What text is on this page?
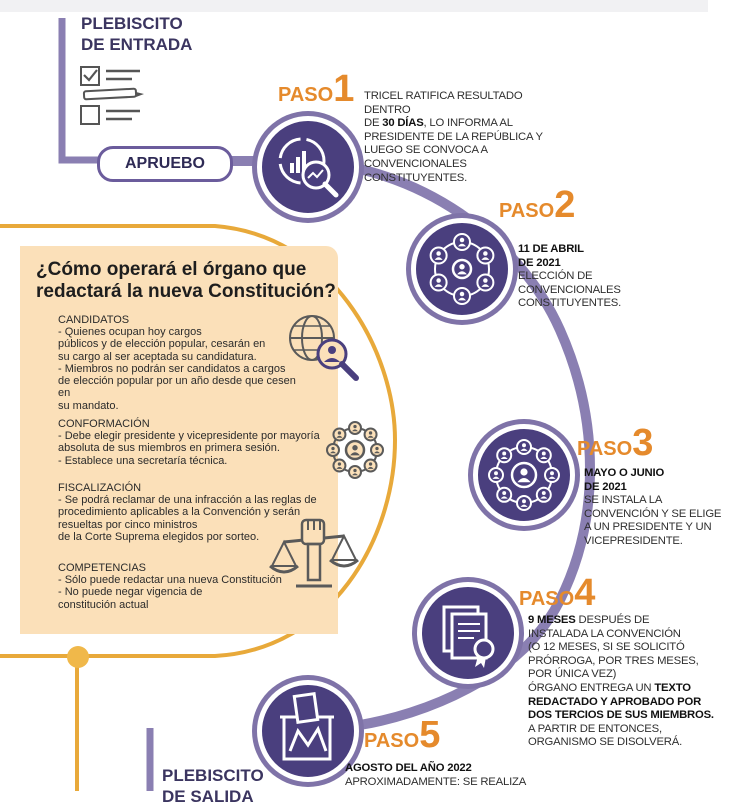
PLEBISCITO
DE ENTRADA
APRUEBO
PASO1 TRICEL RATIFICA RESULTADO DENTRO
DE 30 DÍAS, LO INFORMA AL
PRESIDENTE DE LA REPÚBLICA Y
LUEGO SE CONVOCA A
CONVENCIONALES CONSTITUYENTES.
PASO2
11 DE ABRIL
DE 2021
ELECCIÓN DE
CONVENCIONALES
CONSTITUYENTES.
PASO3
MAYO O JUNIO
DE 2021
SE INSTALA LA
CONVENCIÓN Y SE ELIGE
A UN PRESIDENTE Y UN
VICEPRESIDENTE.
PASO4
9 MESES DESPUÉS DE
INSTALADA LA CONVENCIÓN
(O 12 MESES, SI SE SOLICITÓ
PRÓRROGA, POR TRES MESES,
POR ÚNICA VEZ)
ÓRGANO ENTREGA UN TEXTO
REDACTADO Y APROBADO POR
DOS TERCIOS DE SUS MIEMBROS.
A PARTIR DE ENTONCES,
ORGANISMO SE DISOLVERÁ.
PASO5
AGOSTO DEL AÑO 2022
APROXIMADAMENTE: SE REALIZA
PLEBISCITO
DE SALIDA
¿Cómo operará el órgano que
redactará la nueva Constitución?
CANDIDATOS
- Quienes ocupan hoy cargos
públicos y de elección popular, cesarán en
su cargo al ser aceptada su candidatura.
- Miembros no podrán ser candidatos a cargos
de elección popular por un año desde que cesen en
su mandato.
CONFORMACIÓN
- Debe elegir presidente y vicepresidente por mayoría
absoluta de sus miembros en primera sesión.
- Establece una secretaría técnica.
FISCALIZACIÓN
- Se podrá reclamar de una infracción a las reglas de
procedimiento aplicables a la Convención y serán
resueltas por cinco ministros
de la Corte Suprema elegidos por sorteo.
COMPETENCIAS
- Sólo puede redactar una nueva Constitución
- No puede negar vigencia de
constitución actual
